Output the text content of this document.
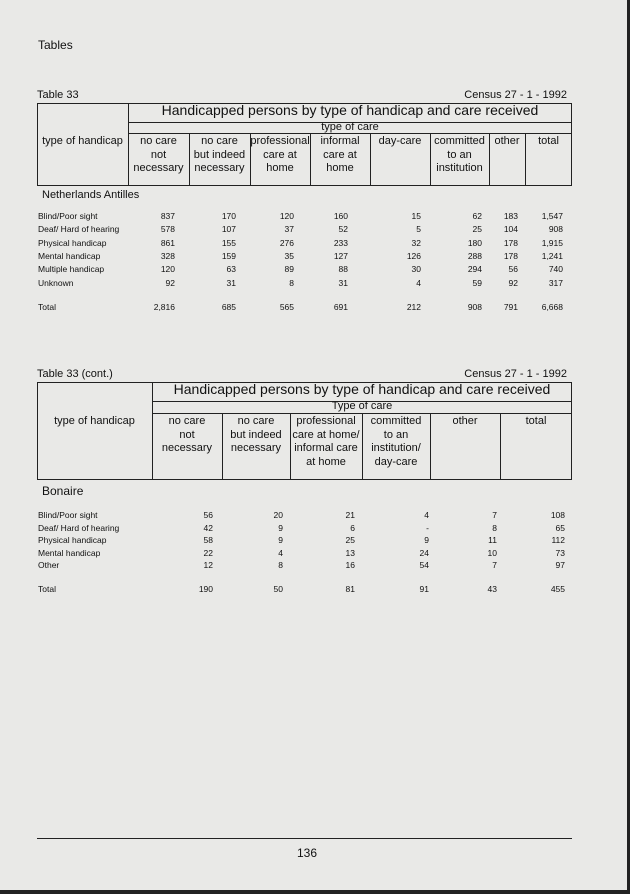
Tables
Table 33	Census 27 - 1 - 1992
Handicapped persons by type of handicap and care received
type of care
type of handicap	no care
not
necessary
no care
but indeed
necessary
professional
care at
home
informal
care at
home
day-care	committed
to an
institution
other	total
Blind/Poor sight	837	170	120	160	15	62	183	1,547
Deaf/ Hard of hearing	578	107	37	52	5	25	104	908
Physical handicap	861	155	276	233	32	180	178	1,915
Mental handicap	328	159	35	127	126	288	178	1,241
Multiple handicap	120	63	89	88	30	294	56	740
Unknown	92	31	8	31	4	59	92	317
Total	2,816	685	565	691	212	908	791	6,668
Netherlands Antilles
Table 33 (cont.)	Census 27 - 1 - 1992
Handicapped persons by type of handicap and care received
Type of care
type of handicap	no care
not
necessary
no care
but indeed
necessary
professional
care at home/
informal care
at home
committed
to an
institution/
day-care
other	total
Blind/Poor sight	56	20	21	4	7	108
Deaf/ Hard of hearing	42	9	6	-	8	65
Physical handicap	58	9	25	9	11	112
Mental handicap	22	4	13	24	10	73
Other	12	8	16	54	7	97
Total	190	50	81	91	43	455
Bonaire
136
